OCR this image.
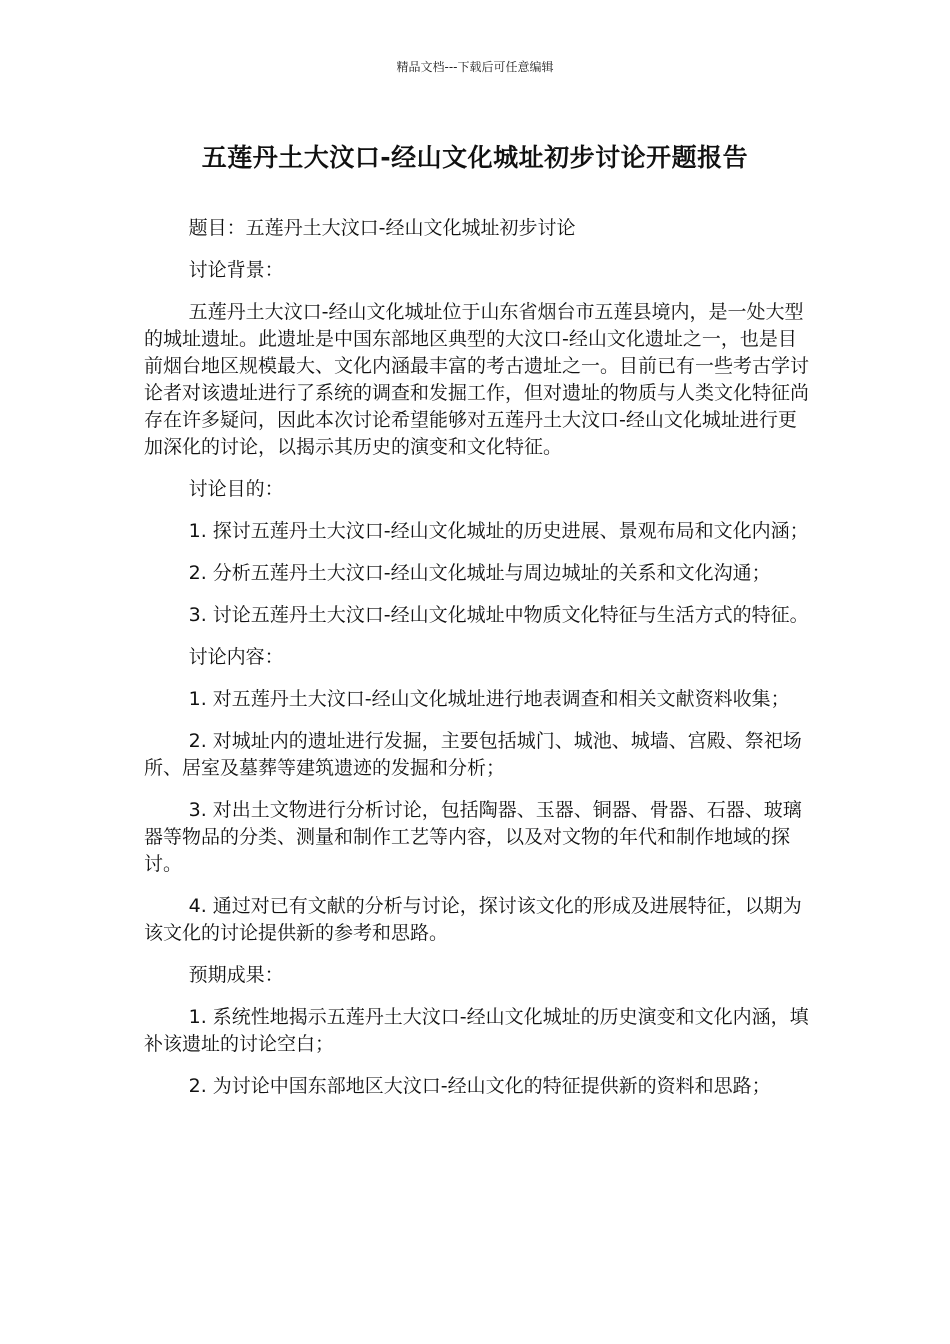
精品文档---下载后可任意编辑
五莲丹土大汶口-经山文化城址初步讨论开题报告

题目：五莲丹土大汶口-经山文化城址初步讨论

讨论背景：

五莲丹土大汶口-经山文化城址位于山东省烟台市五莲县境内，是一处大型的城址遗址。此遗址是中国东部地区典型的大汶口-经山文化遗址之一，也是目前烟台地区规模最大、文化内涵最丰富的考古遗址之一。目前已有一些考古学讨论者对该遗址进行了系统的调查和发掘工作，但对遗址的物质与人类文化特征尚存在许多疑问，因此本次讨论希望能够对五莲丹土大汶口-经山文化城址进行更加深化的讨论，以揭示其历史的演变和文化特征。

讨论目的：

1. 探讨五莲丹土大汶口-经山文化城址的历史进展、景观布局和文化内涵；

2. 分析五莲丹土大汶口-经山文化城址与周边城址的关系和文化沟通；

3. 讨论五莲丹土大汶口-经山文化城址中物质文化特征与生活方式的特征。

讨论内容：

1. 对五莲丹土大汶口-经山文化城址进行地表调查和相关文献资料收集；

2. 对城址内的遗址进行发掘，主要包括城门、城池、城墙、宫殿、祭祀场所、居室及墓葬等建筑遗迹的发掘和分析；

3. 对出土文物进行分析讨论，包括陶器、玉器、铜器、骨器、石器、玻璃器等物品的分类、测量和制作工艺等内容，以及对文物的年代和制作地域的探讨。

4. 通过对已有文献的分析与讨论，探讨该文化的形成及进展特征，以期为该文化的讨论提供新的参考和思路。

预期成果：

1. 系统性地揭示五莲丹土大汶口-经山文化城址的历史演变和文化内涵，填补该遗址的讨论空白；

2. 为讨论中国东部地区大汶口-经山文化的特征提供新的资料和思路；
